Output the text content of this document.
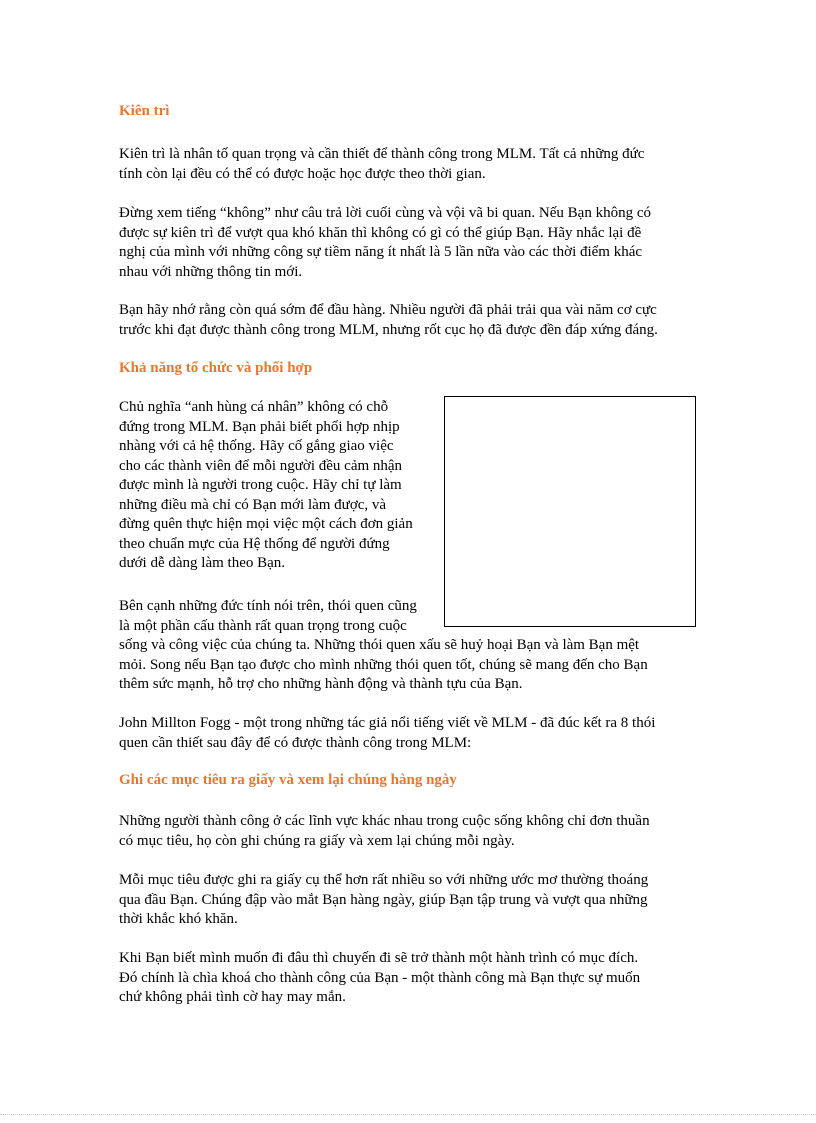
Kiên trì

Kiên trì là nhân tố quan trọng và cần thiết để thành công trong MLM. Tất cả những đức
tính còn lại đều có thể có được hoặc học được theo thời gian.

Đừng xem tiếng “không” như câu trả lời cuối cùng và vội vã bi quan. Nếu Bạn không có
được sự kiên trì để vượt qua khó khăn thì không có gì có thể giúp Bạn. Hãy nhắc lại đề
nghị của mình với những công sự tiềm năng ít nhất là 5 lần nữa vào các thời điểm khác
nhau với những thông tin mới.

Bạn hãy nhớ rằng còn quá sớm để đầu hàng. Nhiều người đã phải trải qua vài năm cơ cực
trước khi đạt được thành công trong MLM, nhưng rốt cục họ đã được đền đáp xứng đáng.

Khả năng tổ chức và phối hợp

Chủ nghĩa “anh hùng cá nhân” không có chỗ
đứng trong MLM. Bạn phải biết phối hợp nhịp
nhàng với cả hệ thống. Hãy cố gắng giao việc
cho các thành viên để mỗi người đều cảm nhận
được mình là người trong cuộc. Hãy chỉ tự làm
những điều mà chỉ có Bạn mới làm được, và
đừng quên thực hiện mọi việc một cách đơn giản
theo chuẩn mực của Hệ thống để người đứng
dưới dễ dàng làm theo Bạn.

Bên cạnh những đức tính nói trên, thói quen cũng
là một phần cấu thành rất quan trọng trong cuộc
sống và công việc của chúng ta. Những thói quen xấu sẽ huỷ hoại Bạn và làm Bạn mệt
mỏi. Song nếu Bạn tạo được cho mình những thói quen tốt, chúng sẽ mang đến cho Bạn
thêm sức mạnh, hỗ trợ cho những hành động và thành tựu của Bạn.

John Millton Fogg - một trong những tác giả nổi tiếng viết về MLM - đã đúc kết ra 8 thói
quen cần thiết sau đây để có được thành công trong MLM:

Ghi các mục tiêu ra giấy và xem lại chúng hàng ngày

Những người thành công ở các lĩnh vực khác nhau trong cuộc sống không chỉ đơn thuần
có mục tiêu, họ còn ghi chúng ra giấy và xem lại chúng mỗi ngày.

Mỗi mục tiêu được ghi ra giấy cụ thể hơn rất nhiều so với những ước mơ thường thoáng
qua đầu Bạn. Chúng đập vào mắt Bạn hàng ngày, giúp Bạn tập trung và vượt qua những
thời khắc khó khăn.

Khi Bạn biết mình muốn đi đâu thì chuyến đi sẽ trở thành một hành trình có mục đích.
Đó chính là chìa khoá cho thành công của Bạn - một thành công mà Bạn thực sự muốn
chứ không phải tình cờ hay may mắn.
